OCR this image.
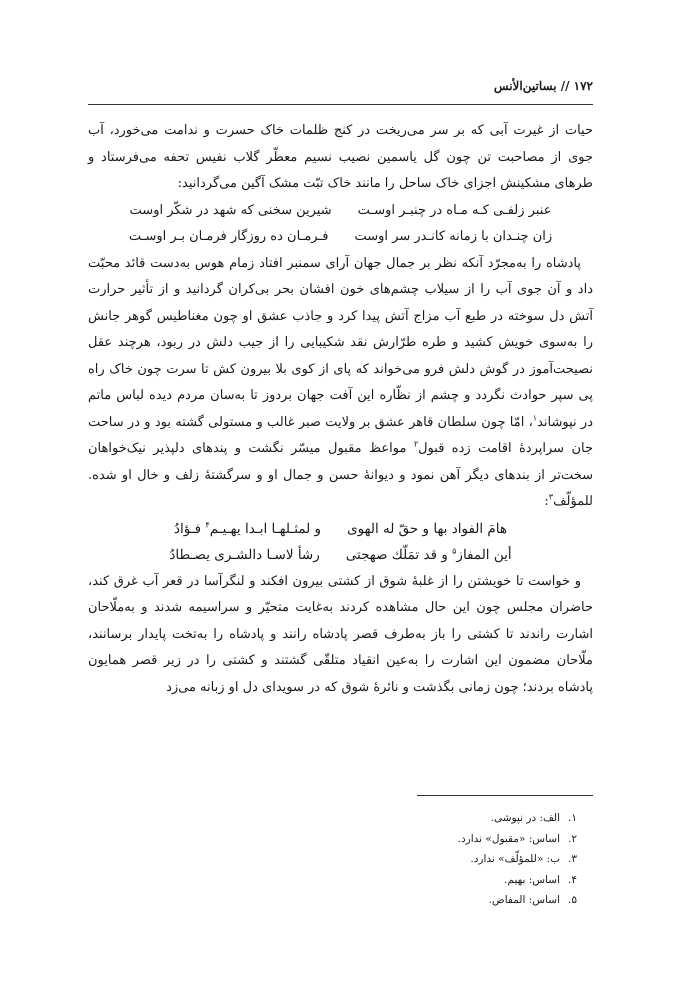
۱۷۲ // بساتین‌الأنس

حیات از غیرت آبی که بر سر می‌ریخت در کنج ظلمات خاک حسرت و ندامت می‌خورد، آب جوی از مصاحبت تن چون گل یاسمین نصیب نسیم معطّر گلاب نفیس تحفه می‌فرستاد و طرهای مشکینش اجزای خاک ساحل را مانند خاک تبّت مشک آگین می‌گردانید:

عنبر زلفـی کـه مـاه در چنبـر اوسـت
شیرین سخنی که شهد در شکّر اوست
زان چنـدان با زمانه کانـدر سر اوست
فـرمـان ده روزگار فرمـان بـر اوسـت

پادشاه را به‌مجرّد آنکه نظر بر جمال جهان آرای سمنبر افتاد زمام هوس به‌دست قائد محبّت داد و آن جوی آب را از سیلاب چشم‌های خون افشان بحر بی‌کران گردانید و از تأثیر حرارت آتش دل سوخته در طبع آب مزاج آتش پیدا کرد و جاذب عشق او چون مغناطیس گوهر جانش را به‌سوی خویش کشید و طره طرّارش نقد شکیبایی را از جیب دلش در ربود، هرچند عقل نصیحت‌آموز در گوش دلش فرو می‌خواند که پای از کوی بلا بیرون کش تا سرت چون خاک راه پی سپر حوادث نگردد و چشم از نظّاره این آفت جهان بردوز تا به‌سان مردم دیده لباس ماتم در نپوشاند$^۱$، امّا چون سلطان قاهر عشق بر ولایت صبر غالب و مستولی گشته بود و در ساحت جان سراپردهٔ اقامت زده قبول$^۲$ مواعظ مقبول میسّر نگشت و پندهای دلپذیر نیک‌خواهان سخت‌تر از بندهای دیگر آهن نمود و دیوانهٔ حسن و جمال او و سرگشتهٔ زلف و خال او شده. للمؤلّف$^۳$:

هامَ الفواد بها و حقّ له الهوی
و لمثـلهـا ابـدا یهـیـم$^۴$ فـؤادُ
أین المفاز$^۵$ و قد تمَلّك صهجتی
رشأ لاسـا دالشـری یصـطادُ

و خواست تا خویشتن را از غلبهٔ شوق از کشتی بیرون افکند و لنگرآسا در قعر آب غرق کند، حاضران مجلس چون این حال مشاهده کردند به‌غایت متحیّر و سراسیمه شدند و به‌ملّاحان اشارت راندند تا کشتی را باز به‌طرف قصر پادشاه رانند و پادشاه را به‌تخت پایدار برسانند، ملّاحان مضمون این اشارت را به‌عین انقیاد متلقّی گشتند و کشتی را در زیر قصر همایون پادشاه بردند؛ چون زمانی بگذشت و نائرهٔ شوق که در سویدای دل او زبانه می‌زد

۱.الف: در نپوشی.
۲.اساس: «مقبول» ندارد.
۳.ب: «للمؤلّف» ندارد.
۴.اساس: بهیم.
۵.اساس: المفاض.
